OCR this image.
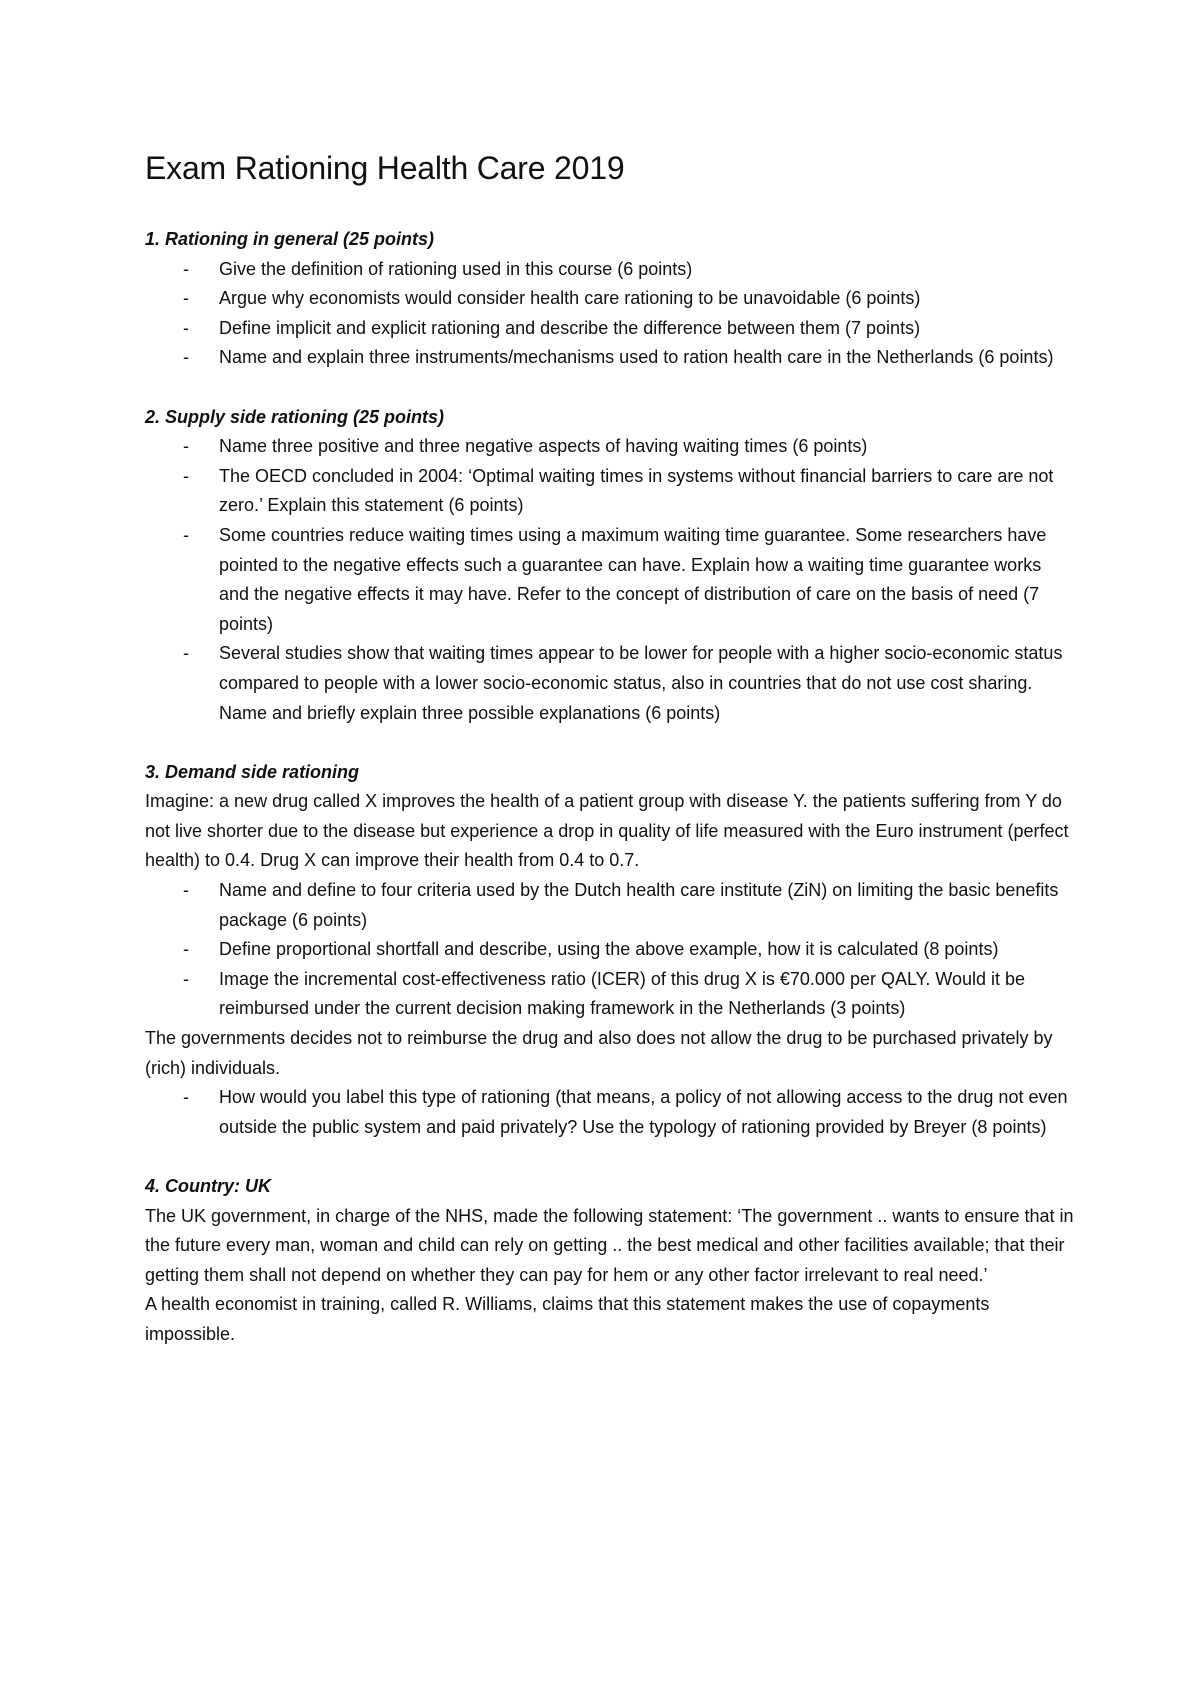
Exam Rationing Health Care 2019

1. Rationing in general (25 points)

- Give the definition of rationing used in this course (6 points)
- Argue why economists would consider health care rationing to be unavoidable (6 points)
- Define implicit and explicit rationing and describe the difference between them (7 points)
- Name and explain three instruments/mechanisms used to ration health care in the Netherlands (6 points)

2. Supply side rationing (25 points)

- Name three positive and three negative aspects of having waiting times (6 points)
- The OECD concluded in 2004: ‘Optimal waiting times in systems without financial barriers to care are not zero.’ Explain this statement (6 points)
- Some countries reduce waiting times using a maximum waiting time guarantee. Some researchers have pointed to the negative effects such a guarantee can have. Explain how a waiting time guarantee works and the negative effects it may have. Refer to the concept of distribution of care on the basis of need (7 points)
- Several studies show that waiting times appear to be lower for people with a higher socio-economic status compared to people with a lower socio-economic status, also in countries that do not use cost sharing. Name and briefly explain three possible explanations (6 points)

3. Demand side rationing

Imagine: a new drug called X improves the health of a patient group with disease Y. the patients suffering from Y do not live shorter due to the disease but experience a drop in quality of life measured with the Euro instrument (perfect health) to 0.4. Drug X can improve their health from 0.4 to 0.7.

- Name and define to four criteria used by the Dutch health care institute (ZiN) on limiting the basic benefits package (6 points)
- Define proportional shortfall and describe, using the above example, how it is calculated (8 points)
- Image the incremental cost-effectiveness ratio (ICER) of this drug X is €70.000 per QALY. Would it be reimbursed under the current decision making framework in the Netherlands (3 points)

The governments decides not to reimburse the drug and also does not allow the drug to be purchased privately by (rich) individuals.

- How would you label this type of rationing (that means, a policy of not allowing access to the drug not even outside the public system and paid privately? Use the typology of rationing provided by Breyer (8 points)

4. Country: UK

The UK government, in charge of the NHS, made the following statement: ‘The government .. wants to ensure that in the future every man, woman and child can rely on getting .. the best medical and other facilities available; that their getting them shall not depend on whether they can pay for hem or any other factor irrelevant to real need.’

A health economist in training, called R. Williams, claims that this statement makes the use of copayments impossible.
